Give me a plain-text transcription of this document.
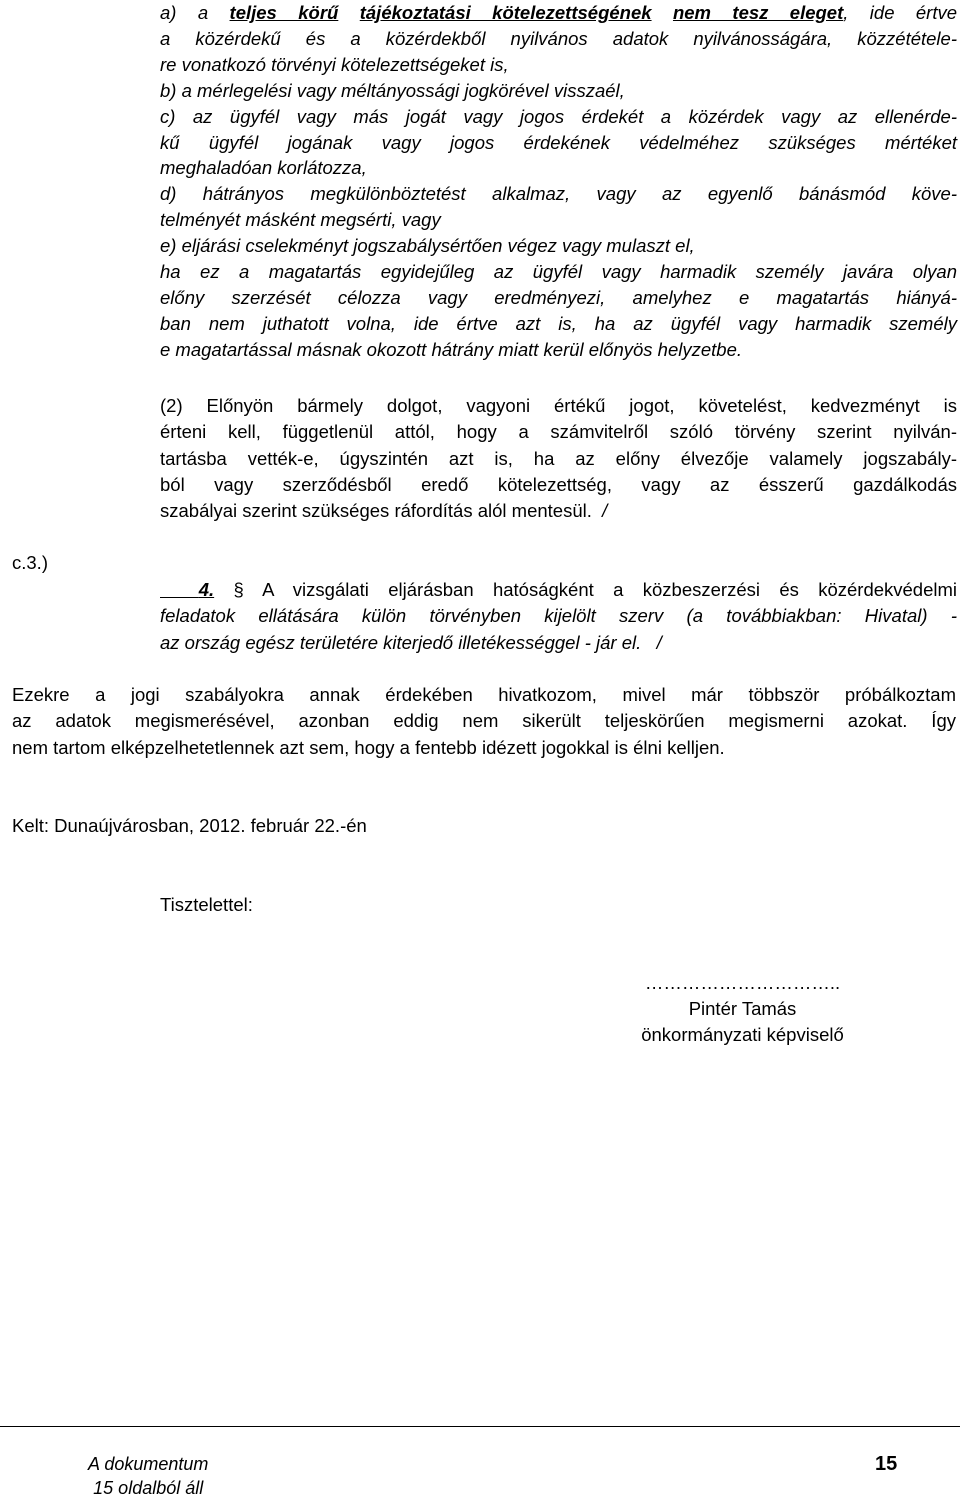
a) a teljes körű tájékoztatási kötelezettségének nem tesz eleget, ide értve
a közérdekű és a közérdekből nyilvános adatok nyilvánosságára, közzététele-
re vonatkozó törvényi kötelezettségeket is,
b) a mérlegelési vagy méltányossági jogkörével visszaél,
c) az ügyfél vagy más jogát vagy jogos érdekét a közérdek vagy az ellenérde-
kű ügyfél jogának vagy jogos érdekének védelméhez szükséges mértéket
meghaladóan korlátozza,
d) hátrányos megkülönböztetést alkalmaz, vagy az egyenlő bánásmód köve-
telményét másként megsérti, vagy
e) eljárási cselekményt jogszabálysértően végez vagy mulaszt el,
ha ez a magatartás egyidejűleg az ügyfél vagy harmadik személy javára olyan
előny szerzését célozza vagy eredményezi, amelyhez e magatartás hiányá-
ban nem juthatott volna, ide értve azt is, ha az ügyfél vagy harmadik személy
e magatartással másnak okozott hátrány miatt kerül előnyös helyzetbe.
(2) Előnyön bármely dolgot, vagyoni értékű jogot, követelést, kedvezményt is
érteni kell, függetlenül attól, hogy a számvitelről szóló törvény szerint nyilván-
tartásba vették-e, úgyszintén azt is, ha az előny élvezője valamely jogszabály-
ból vagy szerződésből eredő kötelezettség, vagy az ésszerű gazdálkodás
szabályai szerint szükséges ráfordítás alól mentesül.  /
c.3.)
4. § A vizsgálati eljárásban hatóságként a közbeszerzési és közérdekvédelmi
feladatok ellátására külön törvényben kijelölt szerv (a továbbiakban: Hivatal) -
az ország egész területére kiterjedő illetékességgel - jár el.   /
Ezekre a jogi szabályokra annak érdekében hivatkozom, mivel már többször próbálkoztam
az adatok megismerésével, azonban eddig nem sikerült teljeskörűen megismerni azokat. Így
nem tartom elképzelhetetlennek azt sem, hogy a fentebb idézett jogokkal is élni kelljen.
Kelt: Dunaújvárosban, 2012. február 22.-én
Tisztelettel:
…………………………..
Pintér Tamás
önkormányzati képviselő
A dokumentum
15 oldalból áll
15
